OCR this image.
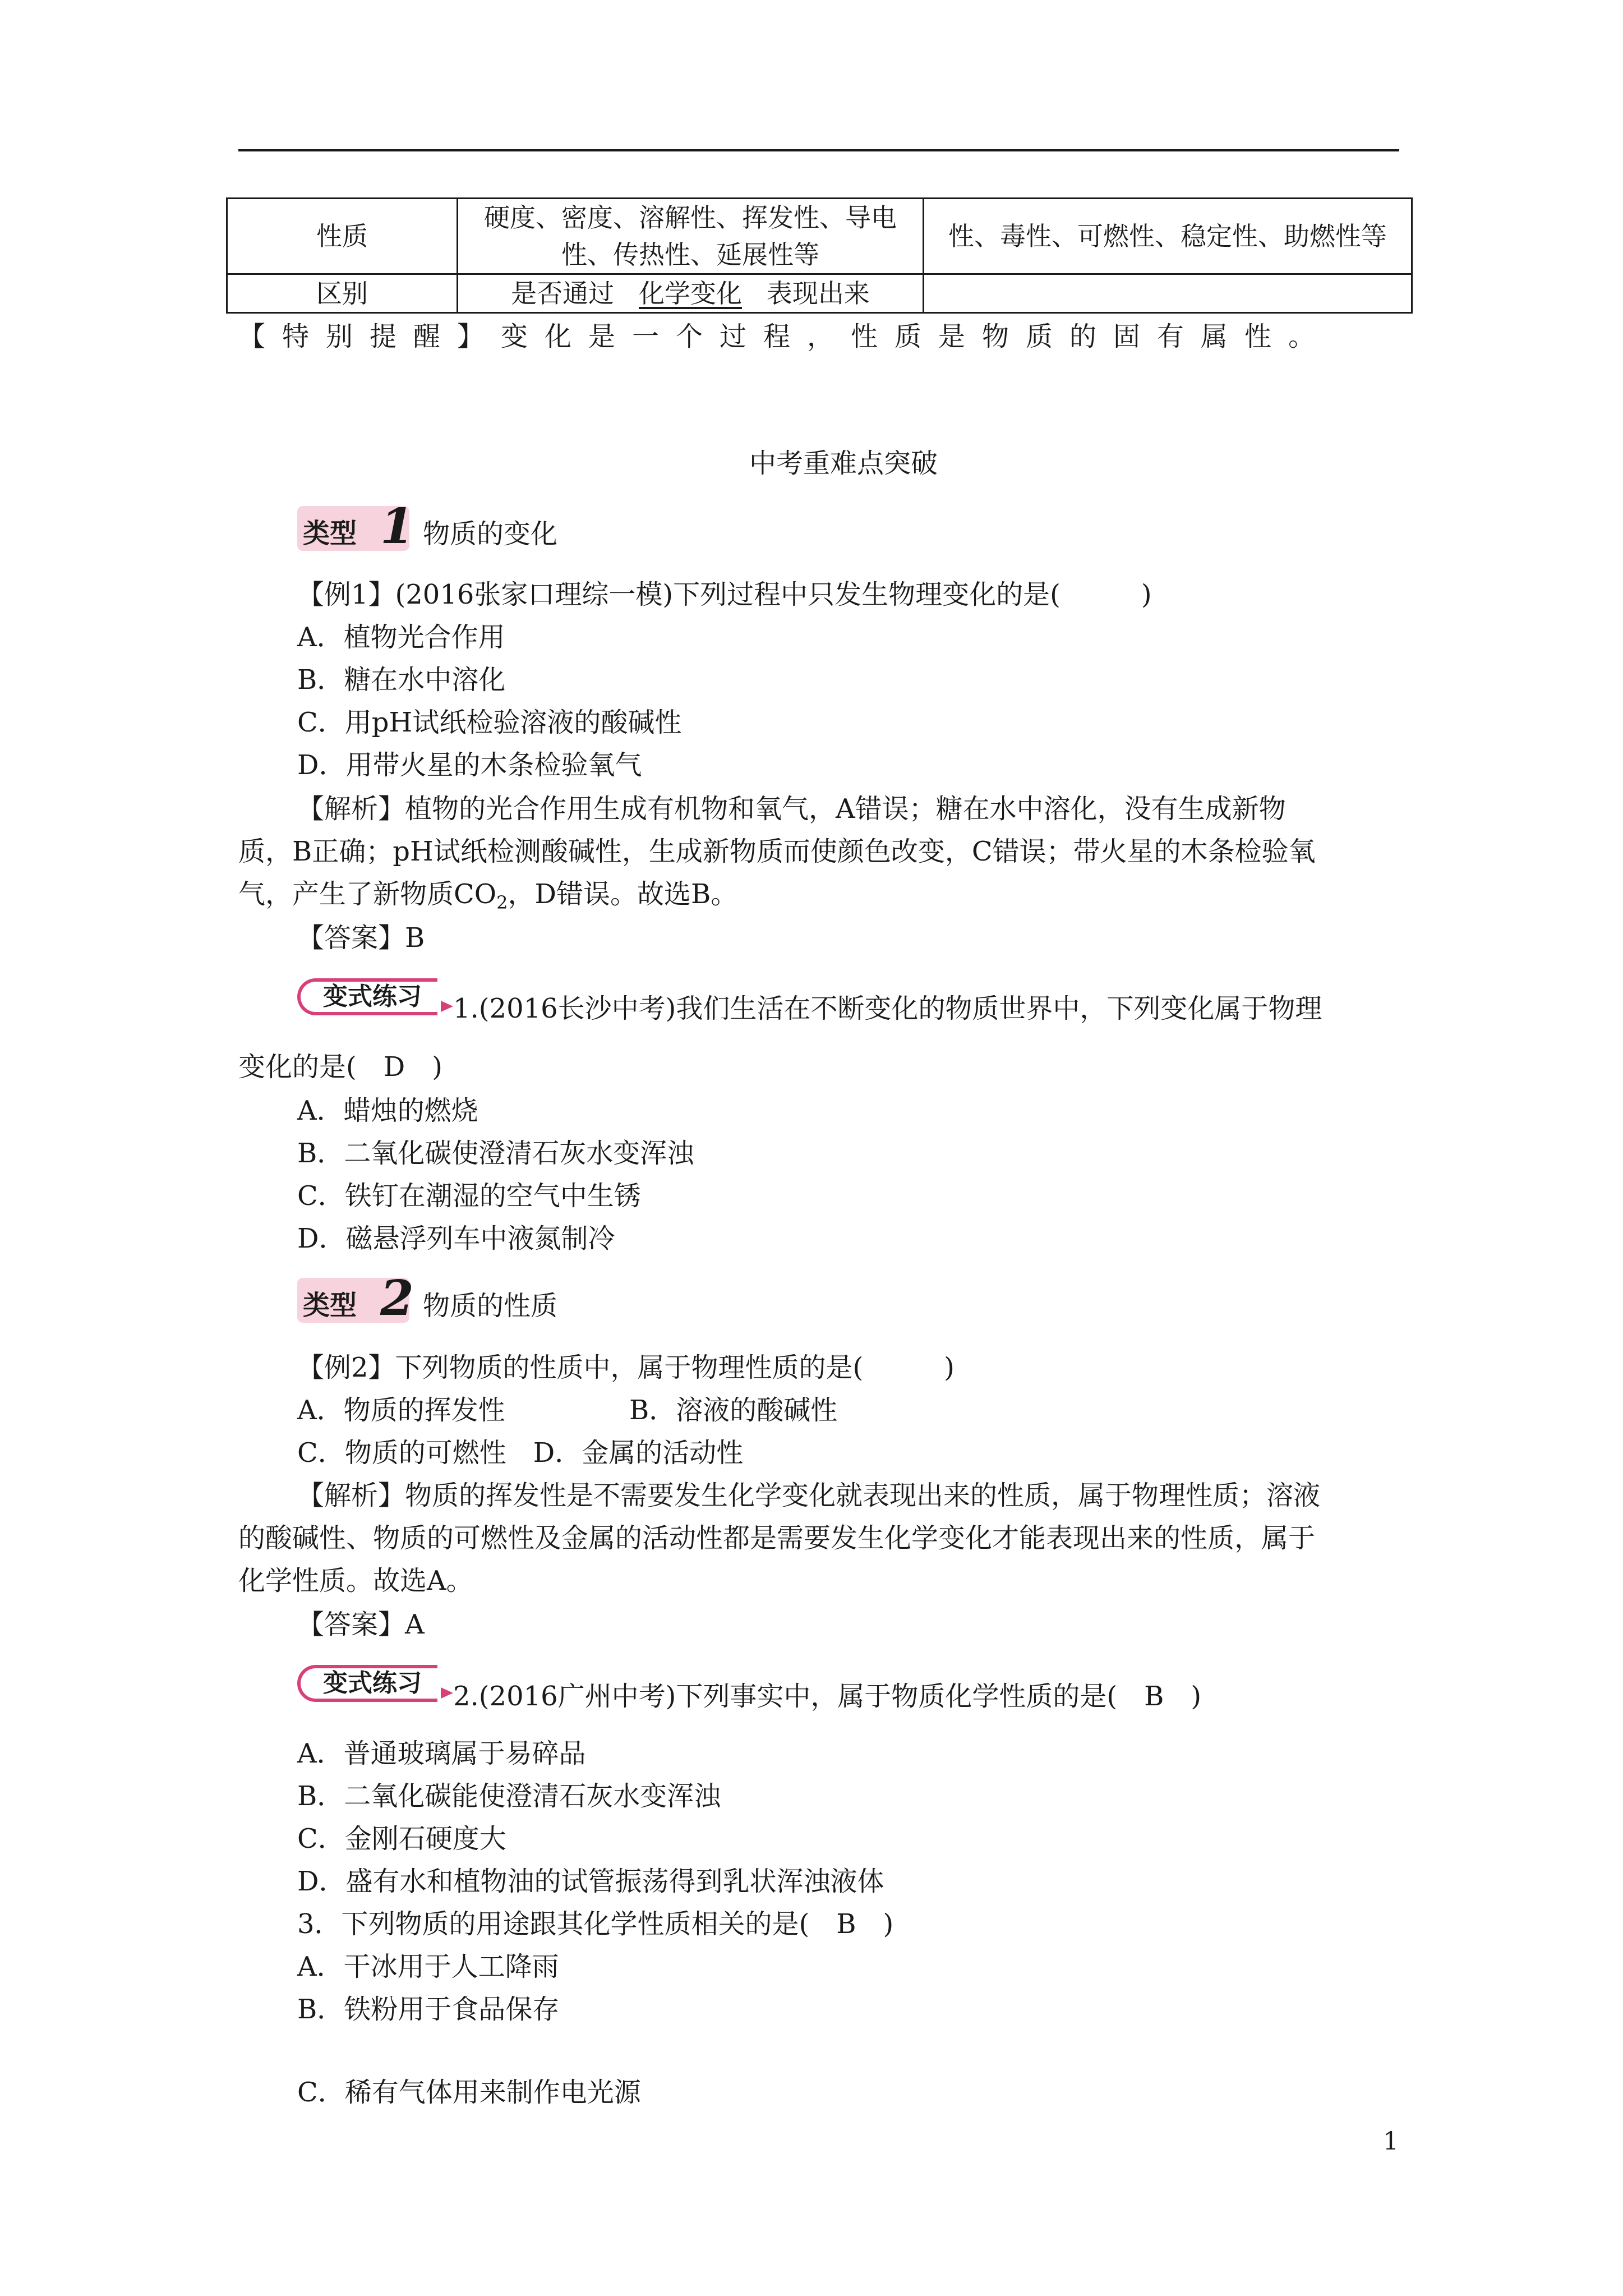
性质	硬度、密度、溶解性、挥发性、导电性、传热性、延展性等	性、毒性、可燃性、稳定性、助燃性等
区别	是否通过 化学变化 表现出来	
【特别提醒】变化是一个过程，性质是物质的固有属性。
中考重难点突破
类型 1 物质的变化
【例1】(2016张家口理综一模)下列过程中只发生物理变化的是(　　　)
A．植物光合作用
B．糖在水中溶化
C．用pH试纸检验溶液的酸碱性
D．用带火星的木条检验氧气
【解析】植物的光合作用生成有机物和氧气，A错误；糖在水中溶化，没有生成新物
质，B正确；pH试纸检测酸碱性，生成新物质而使颜色改变，C错误；带火星的木条检验氧
气，产生了新物质$CO_2$，D错误。故选B。
【答案】B
变式练习 1.(2016长沙中考)我们生活在不断变化的物质世界中，下列变化属于物理
变化的是(　D　)
A．蜡烛的燃烧
B．二氧化碳使澄清石灰水变浑浊
C．铁钉在潮湿的空气中生锈
D．磁悬浮列车中液氮制冷
类型 2 物质的性质
【例2】下列物质的性质中，属于物理性质的是(　　　)
A．物质的挥发性	B．溶液的酸碱性
C．物质的可燃性　D．金属的活动性
【解析】物质的挥发性是不需要发生化学变化就表现出来的性质，属于物理性质；溶液
的酸碱性、物质的可燃性及金属的活动性都是需要发生化学变化才能表现出来的性质，属于
化学性质。故选A。
【答案】A
变式练习 2.(2016广州中考)下列事实中，属于物质化学性质的是(　B　)
A．普通玻璃属于易碎品
B．二氧化碳能使澄清石灰水变浑浊
C．金刚石硬度大
D．盛有水和植物油的试管振荡得到乳状浑浊液体
3．下列物质的用途跟其化学性质相关的是(　B　)
A．干冰用于人工降雨
B．铁粉用于食品保存
C．稀有气体用来制作电光源
1
